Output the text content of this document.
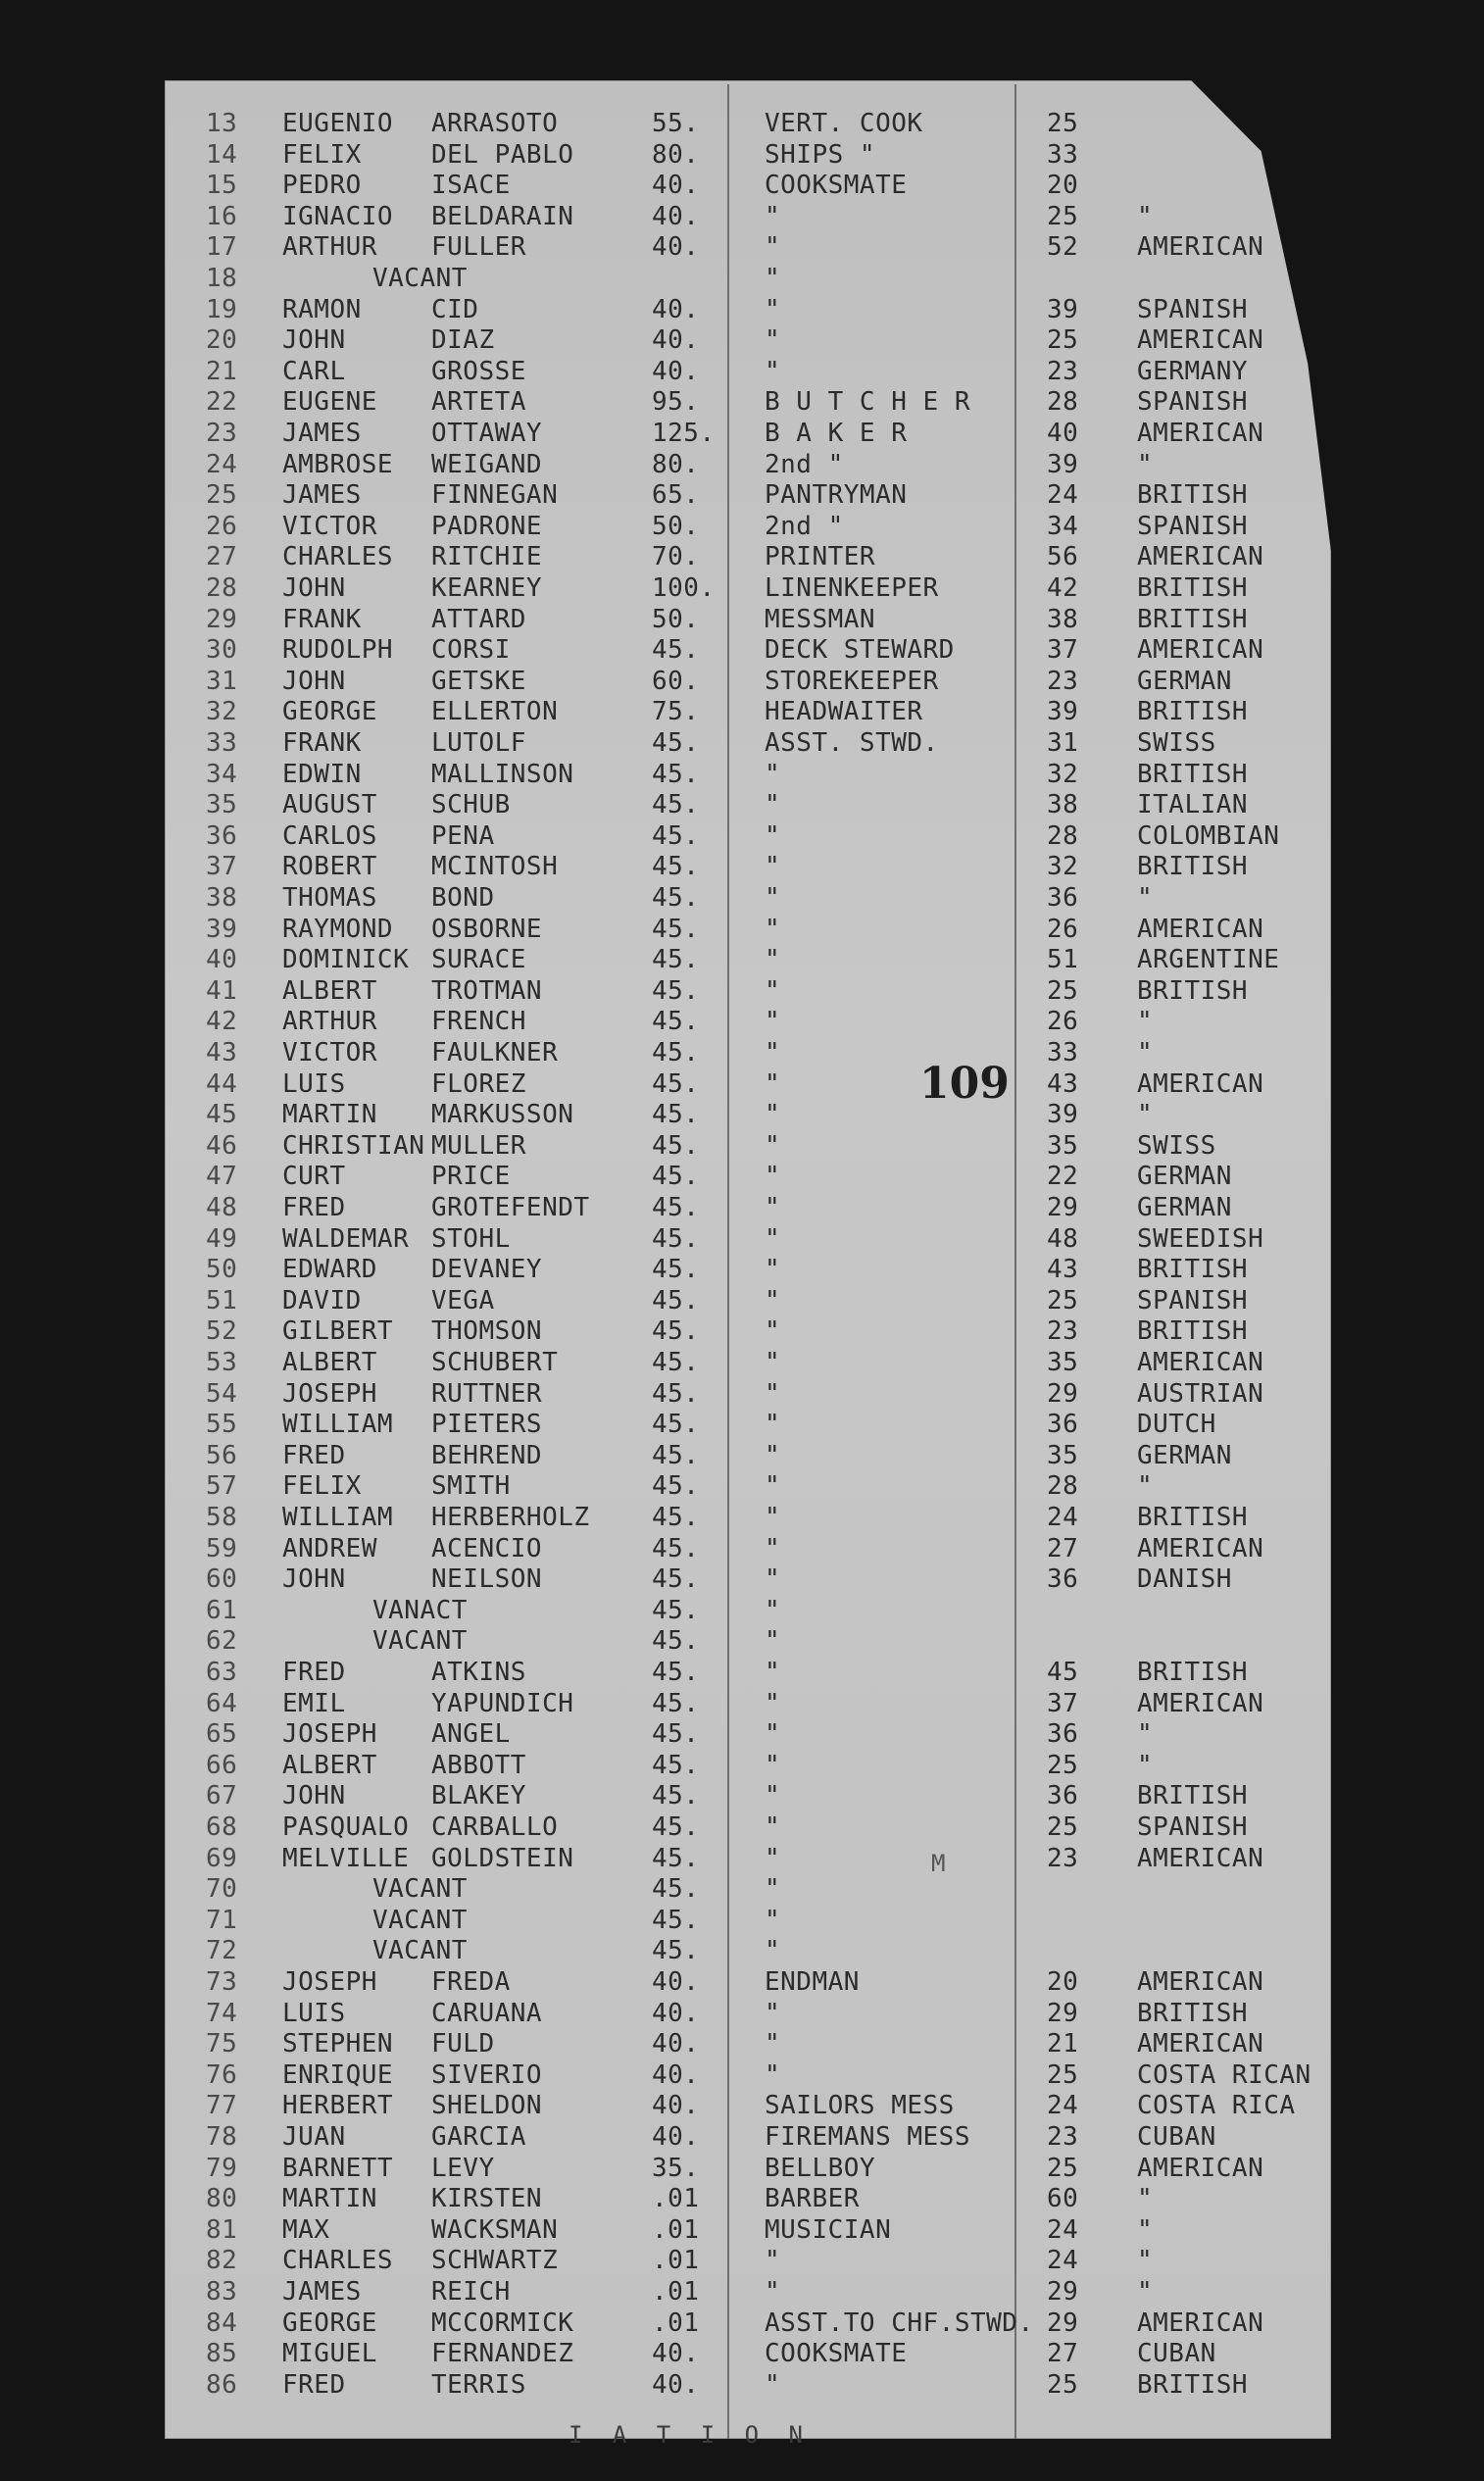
13 EUGENIO ARRASOTO	55.	VERT. COOK	25
14 FELIX	DEL PABLO	80.	SHIPS "	33
15 PEDRO	ISACE	40.	COOKSMATE	20
16 IGNACIO BELDARAIN	40.	"	25 "
17 ARTHUR FULLER	40.	"	52 AMERICAN
18	VACANT	"
19 RAMON	CID	40.	"	39 SPANISH
20 JOHN	DIAZ	40.	"	25 AMERICAN
21 CARL	GROSSE	40.	"	23 GERMANY
22 EUGENE ARTETA	95.	B U T C H E R	28 SPANISH
23 JAMES	OTTAWAY	125. B A K E R	40 AMERICAN
24 AMBROSE WEIGAND	80.	2nd "	39 "
25 JAMES	FINNEGAN	65.	PANTRYMAN	24 BRITISH
26 VICTOR PADRONE	50.	2nd "	34 SPANISH
27 CHARLES RITCHIE	70.	PRINTER	56 AMERICAN
28 JOHN	KEARNEY	100. LINENKEEPER	42 BRITISH
29 FRANK	ATTARD	50.	MESSMAN	38 BRITISH
30 RUDOLPH CORSI	45.	DECK STEWARD	37 AMERICAN
31 JOHN	GETSKE	60.	STOREKEEPER	23 GERMAN
32 GEORGE ELLERTON	75.	HEADWAITER	39 BRITISH
33 FRANK	LUTOLF	45.	ASST. STWD.	31 SWISS
34 EDWIN	MALLINSON	45.	"	32 BRITISH
35 AUGUST SCHUB	45.	"	38 ITALIAN
36 CARLOS PENA	45.	"	28 COLOMBIAN
37 ROBERT MCINTOSH	45.	"	32 BRITISH
38 THOMAS BOND	45.	"	36 "
39 RAYMOND OSBORNE	45.	"	26 AMERICAN
40 DOMINICK SURACE	45.	"	51 ARGENTINE
41 ALBERT TROTMAN	45.	"	25 BRITISH
42 ARTHUR FRENCH	45.	"	26 "
43 VICTOR FAULKNER	45.	"	33 "
44 LUIS	FLOREZ	45.	"	43 AMERICAN
45 MARTIN MARKUSSON	45.	"	39 "
46 CHRISTIAN MULLER	45.	"	35 SWISS
47 CURT	PRICE	45.	"	22 GERMAN
48 FRED	GROTEFENDT 45.	"	29 GERMAN
49 WALDEMAR STOHL	45.	"	48 SWEEDISH
50 EDWARD DEVANEY	45.	"	43 BRITISH
51 DAVID	VEGA	45.	"	25 SPANISH
52 GILBERT THOMSON	45.	"	23 BRITISH
53 ALBERT SCHUBERT	45.	"	35 AMERICAN
54 JOSEPH RUTTNER	45.	"	29 AUSTRIAN
55 WILLIAM PIETERS	45.	"	36 DUTCH
56 FRED	BEHREND	45.	"	35 GERMAN
57 FELIX	SMITH	45.	"	28 "
58 WILLIAM HERBERHOLZ 45.	"	24 BRITISH
59 ANDREW ACENCIO	45.	"	27 AMERICAN
60 JOHN	NEILSON	45.	"	36 DANISH
61	VANACT	45.	"
62	VACANT	45.	"
63 FRED	ATKINS	45.	"	45 BRITISH
64 EMIL	YAPUNDICH	45.	"	37 AMERICAN
65 JOSEPH ANGEL	45.	"	36 "
66 ALBERT ABBOTT	45.	"	25 "
67 JOHN	BLAKEY	45.	"	36 BRITISH
68 PASQUALO CARBALLO	45.	"	25 SPANISH
69 MELVILLE GOLDSTEIN	45.	"	23 AMERICAN
70	VACANT	45.	"
71	VACANT	45.	"
72	VACANT	45.	"
73 JOSEPH FREDA	40.	ENDMAN	20 AMERICAN
74 LUIS	CARUANA	40.	"	29 BRITISH
75 STEPHEN FULD	40.	"	21 AMERICAN
76 ENRIQUE SIVERIO	40.	"	25 COSTA RICAN
77 HERBERT SHELDON	40.	SAILORS MESS	24 COSTA RICA
78 JUAN	GARCIA	40.	FIREMANS MESS	23 CUBAN
79 BARNETT LEVY	35.	BELLBOY	25 AMERICAN
80 MARTIN KIRSTEN	.01	BARBER	60 "
81 MAX	WACKSMAN	.01	MUSICIAN	24 "
82 CHARLES SCHWARTZ	.01	"	24 "
83 JAMES	REICH	.01	"	29 "
84 GEORGE MCCORMICK	.01	ASST.TO CHF.STWD. 29 AMERICAN
85 MIGUEL FERNANDEZ	40.	COOKSMATE	27 CUBAN
86 FRED	TERRIS	40.	"	25 BRITISH
109
M
I A T I O N
